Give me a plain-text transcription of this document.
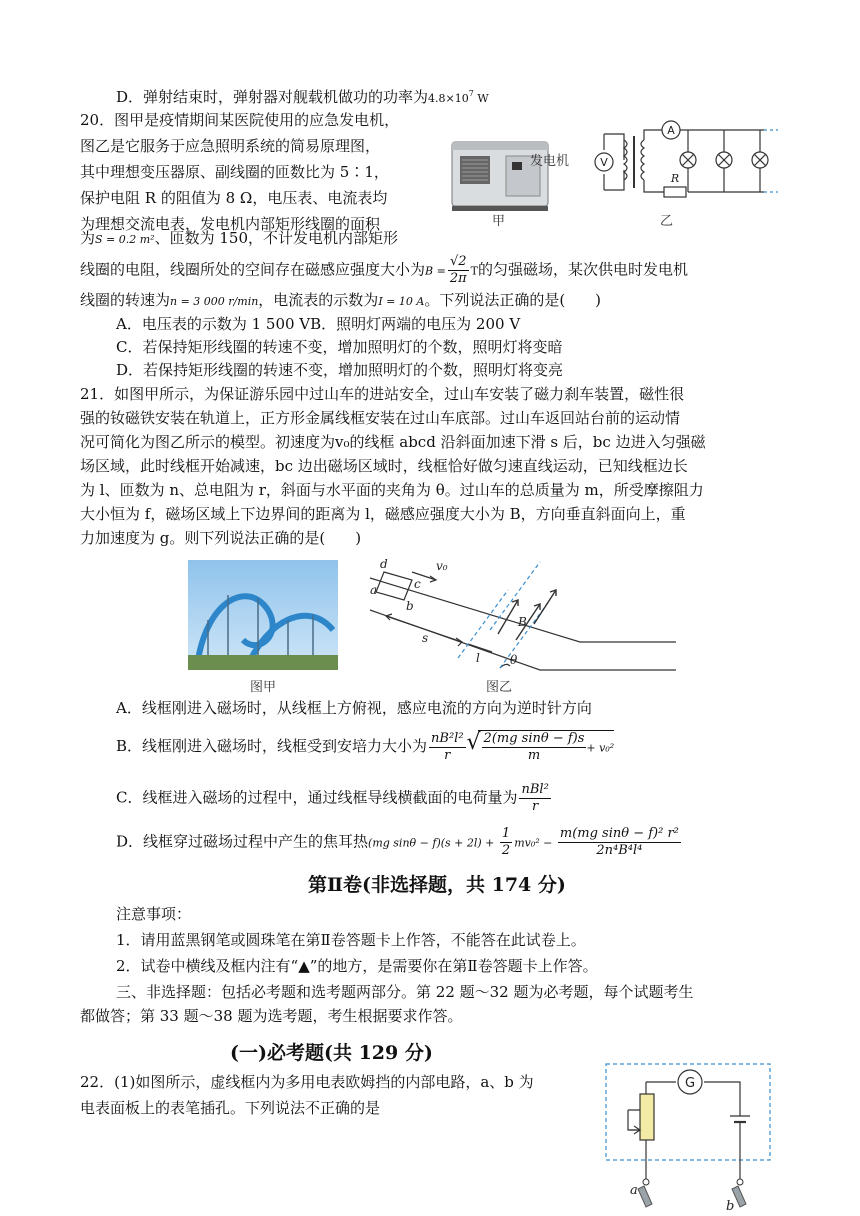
D．弹射结束时，弹射器对舰载机做功的功率为$4.8\times 10^7$ W
20．图甲是疫情期间某医院使用的应急发电机，
图乙是它服务于应急照明系统的简易原理图，
其中理想变压器原、副线圈的匝数比为 5∶1，
保护电阻 R 的阻值为 8 Ω，电压表、电流表均
为理想交流电表，发电机内部矩形线圈的面积
为S = 0.2 m²、匝数为 150，不计发电机内部矩形
甲
V
A
R
发电机
乙
线圈的电阻，线圈所处的空间存在磁感应强度大小为$B = \frac{√2}{2\pi}$ T的匀强磁场，某次供电时发电机
线圈的转速为n = 3 000 r/min，电流表的示数为I = 10 A。下列说法正确的是(　　)
A．电压表的示数为 1 500 VB．照明灯两端的电压为 200 V
C．若保持矩形线圈的转速不变，增加照明灯的个数，照明灯将变暗
D．若保持矩形线圈的转速不变，增加照明灯的个数，照明灯将变亮
21．如图甲所示，为保证游乐园中过山车的进站安全，过山车安装了磁力刹车装置，磁性很
强的钕磁铁安装在轨道上，正方形金属线框安装在过山车底部。过山车返回站台前的运动情
况可简化为图乙所示的模型。初速度为v₀的线框 abcd 沿斜面加速下滑 s 后，bc 边进入匀强磁
场区域，此时线框开始减速，bc 边出磁场区域时，线框恰好做匀速直线运动，已知线框边长
为 l、匝数为 n、总电阻为 r，斜面与水平面的夹角为 θ。过山车的总质量为 m，所受摩擦阻力
大小恒为 f，磁场区域上下边界间的距离为 l，磁感应强度大小为 B，方向垂直斜面向上，重
力加速度为 g。则下列说法正确的是(　　)
图甲
d
a	c
b
v₀
B
s
l	θ
图乙
A．线框刚进入磁场时，从线框上方俯视，感应电流的方向为逆时针方向
B．线框刚进入磁场时，线框受到安培力大小为 $\frac{\text{nB²l²}}{r}$
√ $\frac{\text{2(mg sinθ − f)s}}{m} + v_0^2$
C．线框进入磁场的过程中，通过线框导线横截面的电荷量为 $\frac{\text{nBl²}}{r}$
D．线框穿过磁场过程中产生的焦耳热(mg $\sin\theta - f)(s + 2l) + \frac{1}{2} mv_0^2 - \frac{\text{m(mg sinθ − f)² r²}}{\text{2n⁴B⁴l⁴}}$
第Ⅱ卷(非选择题，共 174 分)
注意事项：
1．请用蓝黑钢笔或圆珠笔在第Ⅱ卷答题卡上作答，不能答在此试卷上。
2．试卷中横线及框内注有“▲”的地方，是需要你在第Ⅱ卷答题卡上作答。
三、非选择题：包括必考题和选考题两部分。第 22 题～32 题为必考题，每个试题考生
都做答；第 33 题～38 题为选考题，考生根据要求作答。
(一)必考题(共 129 分)
22．(1)如图所示，虚线框内为多用电表欧姆挡的内部电路，a、b 为
电表面板上的表笔插孔。下列说法不正确的是
G
a
b
